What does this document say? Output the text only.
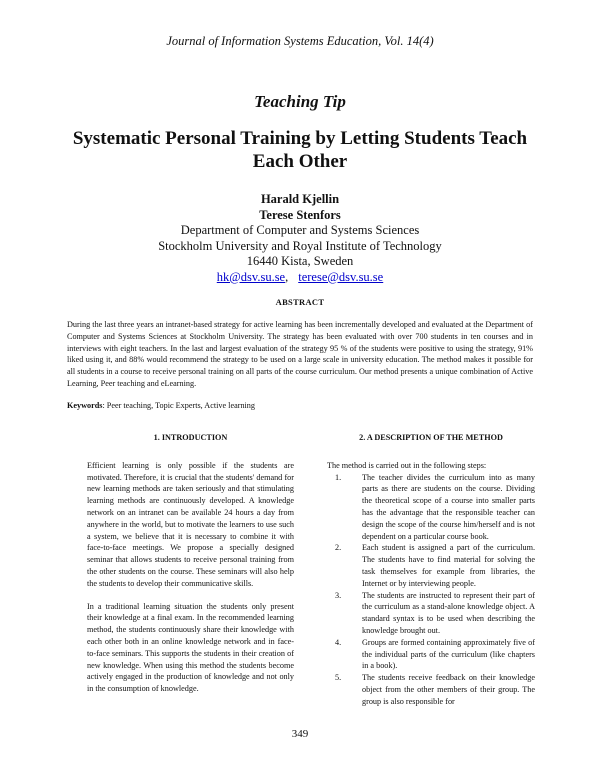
Journal of Information Systems Education, Vol. 14(4)
Teaching Tip
Systematic Personal Training by Letting Students Teach Each Other
Harald Kjellin
Terese Stenfors
Department of Computer and Systems Sciences
Stockholm University and Royal Institute of Technology
16440 Kista, Sweden
hk@dsv.su.se, terese@dsv.su.se
ABSTRACT
During the last three years an intranet-based strategy for active learning has been incrementally developed and evaluated at the Department of Computer and Systems Sciences at Stockholm University. The strategy has been evaluated with over 700 students in ten courses and in interviews with eight teachers. In the last and largest evaluation of the strategy 95 % of the students were positive to using the strategy, 91% liked using it, and 88% would recommend the strategy to be used on a large scale in university education. The method makes it possible for all students in a course to receive personal training on all parts of the course curriculum. Our method presents a unique combination of Active Learning, Peer teaching and eLearning.
Keywords: Peer teaching, Topic Experts, Active learning
1. INTRODUCTION

Efficient learning is only possible if the students are motivated. Therefore, it is crucial that the students' demand for new learning methods are taken seriously and that stimulating learning methods are continuously developed. A knowledge network on an intranet can be available 24 hours a day from anywhere in the world, but to motivate the learners to use such a system, we believe that it is necessary to combine it with face-to-face meetings. We propose a specially designed seminar that allows students to receive personal training from the other students on the course. These seminars will also help the students to develop their communicative skills.

In a traditional learning situation the students only present their knowledge at a final exam. In the recommended learning method, the students continuously share their knowledge with each other both in an online knowledge network and in face-to-face seminars. This supports the students in their creation of new knowledge. When using this method the students become actively engaged in the production of knowledge and not only in the consumption of knowledge.

2. A DESCRIPTION OF THE METHOD
The method is carried out in the following steps:
1.	The teacher divides the curriculum into as many parts as there are students on the course. Dividing the theoretical scope of a course into smaller parts has the advantage that the responsible teacher can design the scope of the course him/herself and is not dependent on a particular course book.
2.	Each student is assigned a part of the curriculum. The students have to find material for solving the task themselves for example from libraries, the Internet or by interviewing people.
3.	The students are instructed to represent their part of the curriculum as a stand-alone knowledge object. A standard syntax is to be used when describing the knowledge brought out.
4.	Groups are formed containing approximately five of the individual parts of the curriculum (like chapters in a book).
5.	The students receive feedback on their knowledge object from the other members of their group. The group is also responsible for
349
